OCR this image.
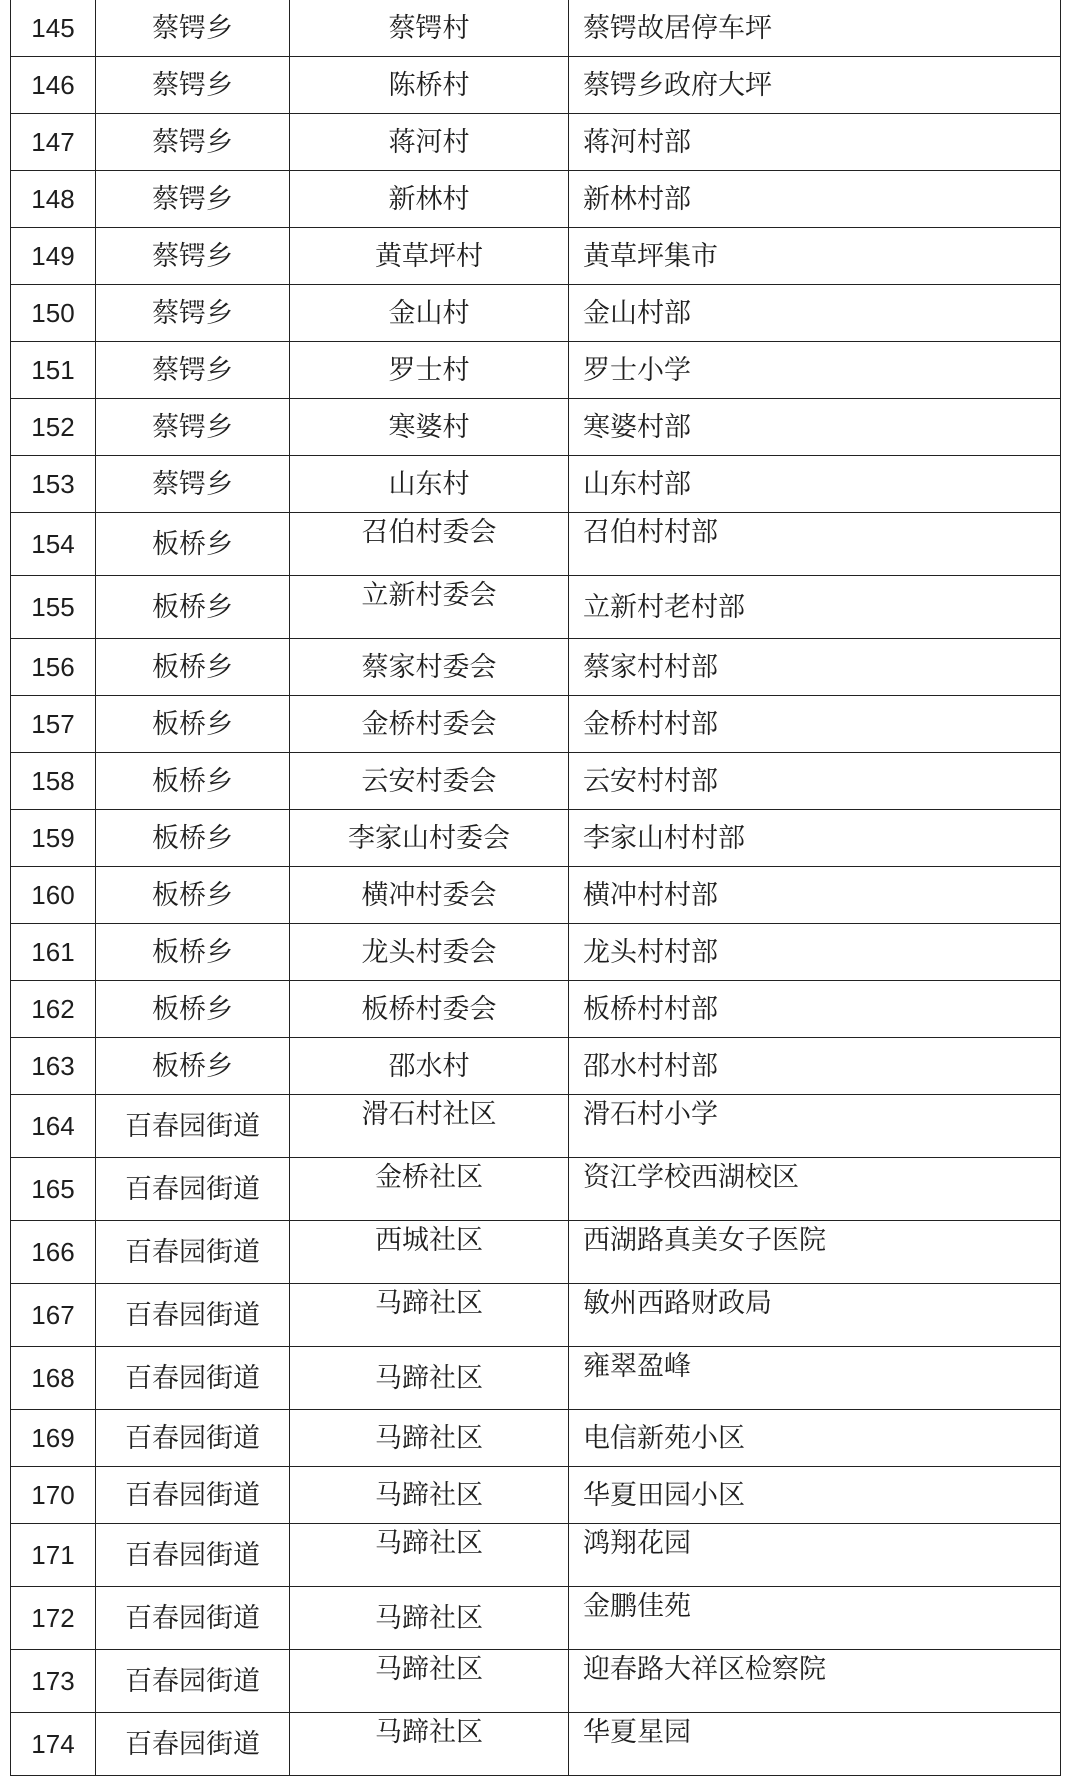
145	蔡锷乡	蔡锷村	蔡锷故居停车坪
146	蔡锷乡	陈桥村	蔡锷乡政府大坪
147	蔡锷乡	蒋河村	蒋河村部
148	蔡锷乡	新林村	新林村部
149	蔡锷乡	黄草坪村	黄草坪集市
150	蔡锷乡	金山村	金山村部
151	蔡锷乡	罗士村	罗士小学
152	蔡锷乡	寒婆村	寒婆村部
153	蔡锷乡	山东村	山东村部
154	板桥乡	召伯村委会	召伯村村部
155	板桥乡	立新村委会	立新村老村部
156	板桥乡	蔡家村委会	蔡家村村部
157	板桥乡	金桥村委会	金桥村村部
158	板桥乡	云安村委会	云安村村部
159	板桥乡	李家山村委会	李家山村村部
160	板桥乡	横冲村委会	横冲村村部
161	板桥乡	龙头村委会	龙头村村部
162	板桥乡	板桥村委会	板桥村村部
163	板桥乡	邵水村	邵水村村部
164	百春园街道	滑石村社区	滑石村小学
165	百春园街道	金桥社区	资江学校西湖校区
166	百春园街道	西城社区	西湖路真美女子医院
167	百春园街道	马蹄社区	敏州西路财政局
168	百春园街道	马蹄社区	雍翠盈峰
169	百春园街道	马蹄社区	电信新苑小区
170	百春园街道	马蹄社区	华夏田园小区
171	百春园街道	马蹄社区	鸿翔花园
172	百春园街道	马蹄社区	金鹏佳苑
173	百春园街道	马蹄社区	迎春路大祥区检察院
174	百春园街道	马蹄社区	华夏星园
